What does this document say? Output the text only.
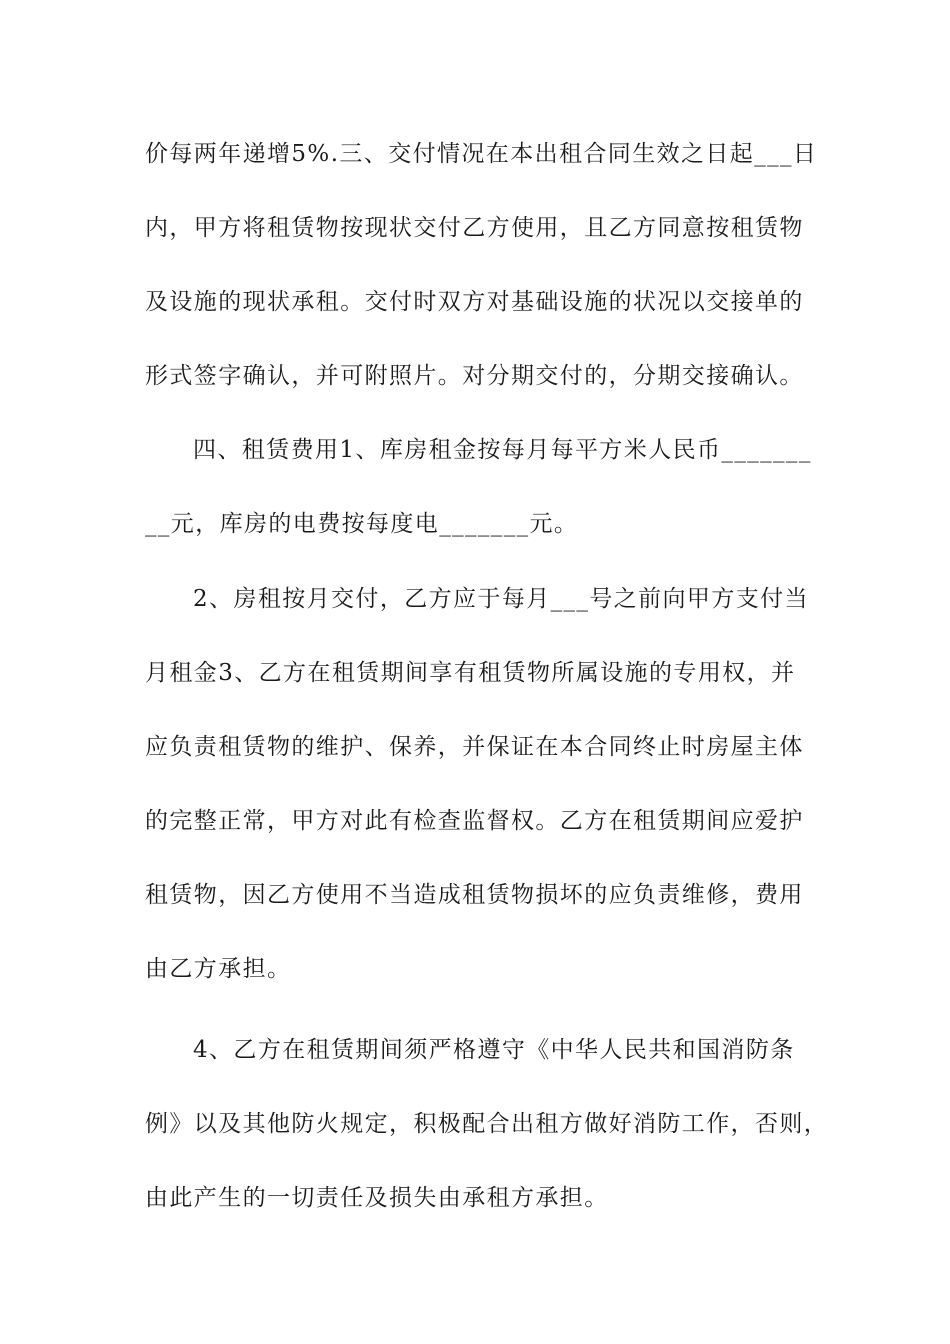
价每两年递增5%.三、交付情况在本出租合同生效之日起___日
内，甲方将租赁物按现状交付乙方使用，且乙方同意按租赁物
及设施的现状承租。交付时双方对基础设施的状况以交接单的
形式签字确认，并可附照片。对分期交付的，分期交接确认。
四、租赁费用1、库房租金按每月每平方米人民币_______
__元，库房的电费按每度电_______元。
2、房租按月交付，乙方应于每月___号之前向甲方支付当
月租金3、乙方在租赁期间享有租赁物所属设施的专用权，并
应负责租赁物的维护、保养，并保证在本合同终止时房屋主体
的完整正常，甲方对此有检查监督权。乙方在租赁期间应爱护
租赁物，因乙方使用不当造成租赁物损坏的应负责维修，费用
由乙方承担。
4、乙方在租赁期间须严格遵守《中华人民共和国消防条
例》以及其他防火规定，积极配合出租方做好消防工作，否则，
由此产生的一切责任及损失由承租方承担。
